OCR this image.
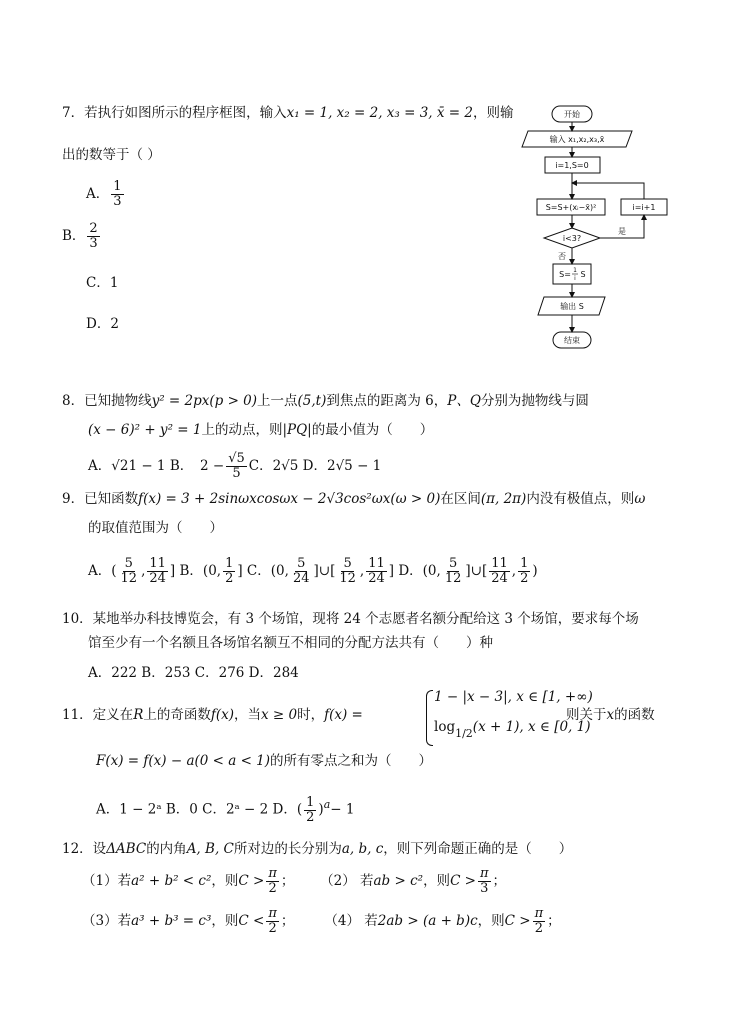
7．若执行如图所示的程序框图，输入x₁ = 1, x₂ = 2, x₃ = 3, x̄ = 2，则输
出的数等于（ ）
A． $\frac{1}{3}$
B． $\frac{2}{3}$
C．1
D．2
开始
输入 x₁,x₂,x₃,x̄
i=1,S=0
S=S+(xᵢ−x̄)²	i=i+1
i<3?
是
否
S= 1
i S
输出 S
结束
8．已知抛物线y² = 2px(p > 0)上一点(5,t)到焦点的距离为 6，P、Q分别为抛物线与圆
(x − 6)² + y² = 1上的动点，则|PQ|的最小值为（　　）
A．√21 − 1 B．　$2 - \frac{√5}{5}$ C．2√5 D．2√5 − 1
9．已知函数f(x) = 3 + 2sinωxcosωx − 2√3cos²ωx(ω > 0)在区间(π, 2π)内没有极值点，则ω
的取值范围为（　　）
A．( $\frac{5}{12}$ , $\frac{11}{24}$ ] B．(0, $\frac{1}{2}$ ] C．(0, $\frac{5}{24}$ ]∪[ $\frac{5}{12}$ , $\frac{11}{24}$ ] D．(0, $\frac{5}{12}$ ]∪[ $\frac{11}{24}$ , $\frac{1}{2}$ )
10．某地举办科技博览会，有 3 个场馆，现将 24 个志愿者名额分配给这 3 个场馆，要求每个场
馆至少有一个名额且各场馆名额互不相同的分配方法共有（　　）种
A．222 B．253 C．276 D．284
11．定义在R上的奇函数f(x)，当x ≥ 0时，f(x) =
1 − |x − 3|, x ∈ [1, +∞)
$\log_{1/2}(x + 1)$, x ∈ [0, 1)
则关于x的函数
F(x) = f(x) − a(0 < a < 1)的所有零点之和为（　　）
A．1 − 2ᵃ B．0 C．2ᵃ − 2 D．( $\frac{1}{2} )^a- 1$
12．设ΔABC的内角A, B, C所对边的长分别为a, b, c，则下列命题正确的是（　　）
（1）若a² + b² < c²，则$C > \frac{\pi}{2}$ ； （2） 若ab > c²，则$C > \frac{\pi}{3}$ ；
（3）若a³ + b³ = c³，则$C < \frac{\pi}{2}$ ； （4） 若2ab > (a + b)c，则$C > \frac{\pi}{2}$ ；
